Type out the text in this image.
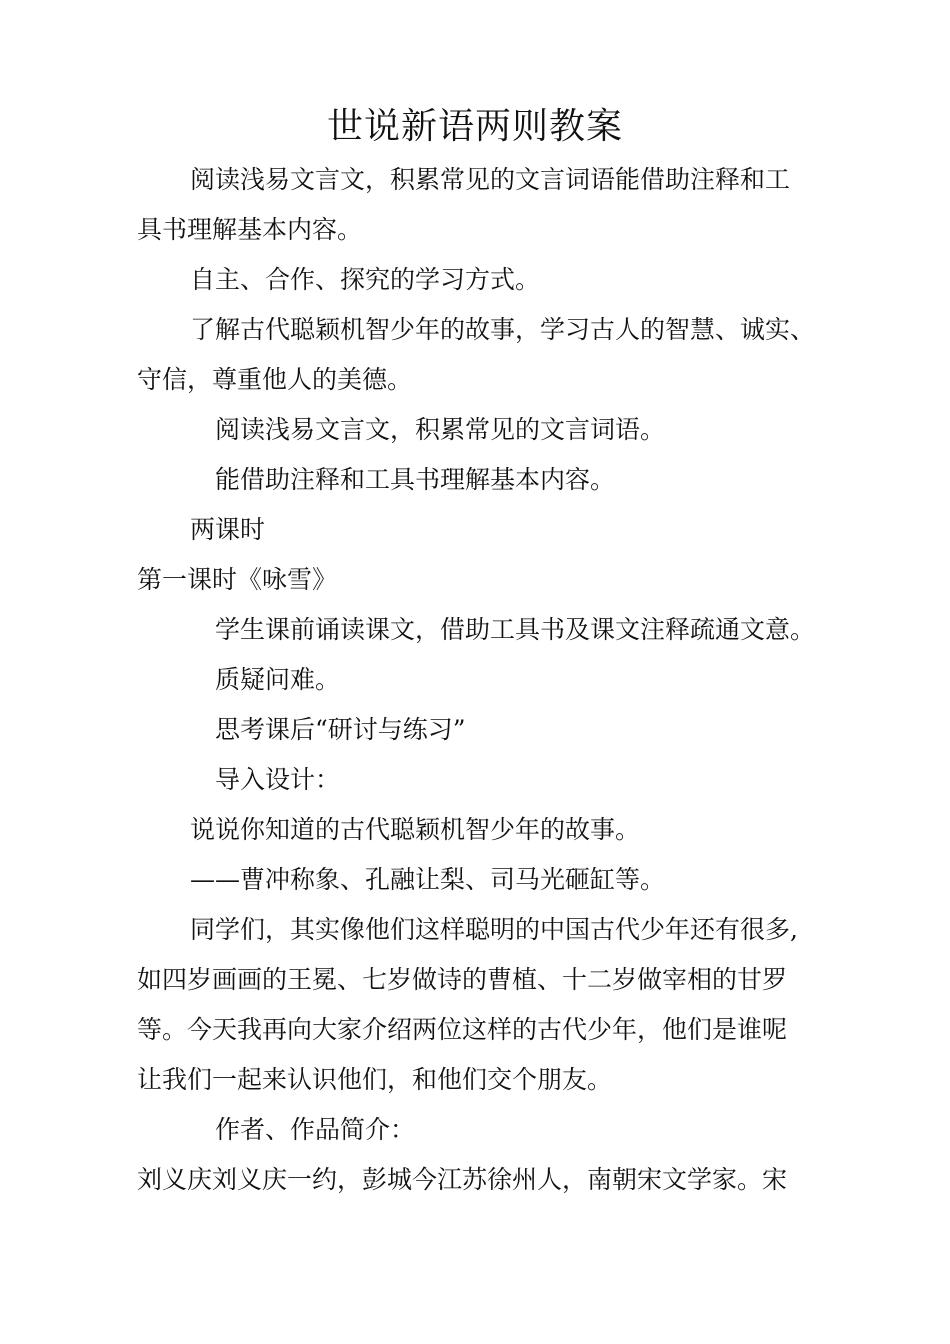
世说新语两则教案
阅读浅易文言文，积累常见的文言词语能借助注释和工
具书理解基本内容。
自主、合作、探究的学习方式。
了解古代聪颖机智少年的故事，学习古人的智慧、诚实、
守信，尊重他人的美德。
阅读浅易文言文，积累常见的文言词语。
能借助注释和工具书理解基本内容。
两课时
第一课时《咏雪》
学生课前诵读课文，借助工具书及课文注释疏通文意。
质疑问难。
思考课后“研讨与练习”
导入设计：
说说你知道的古代聪颖机智少年的故事。
——曹冲称象、孔融让梨、司马光砸缸等。
同学们，其实像他们这样聪明的中国古代少年还有很多,
如四岁画画的王冕、七岁做诗的曹植、十二岁做宰相的甘罗
等。今天我再向大家介绍两位这样的古代少年，他们是谁呢
让我们一起来认识他们，和他们交个朋友。
作者、作品简介：
刘义庆刘义庆一约，彭城今江苏徐州人，南朝宋文学家。宋
